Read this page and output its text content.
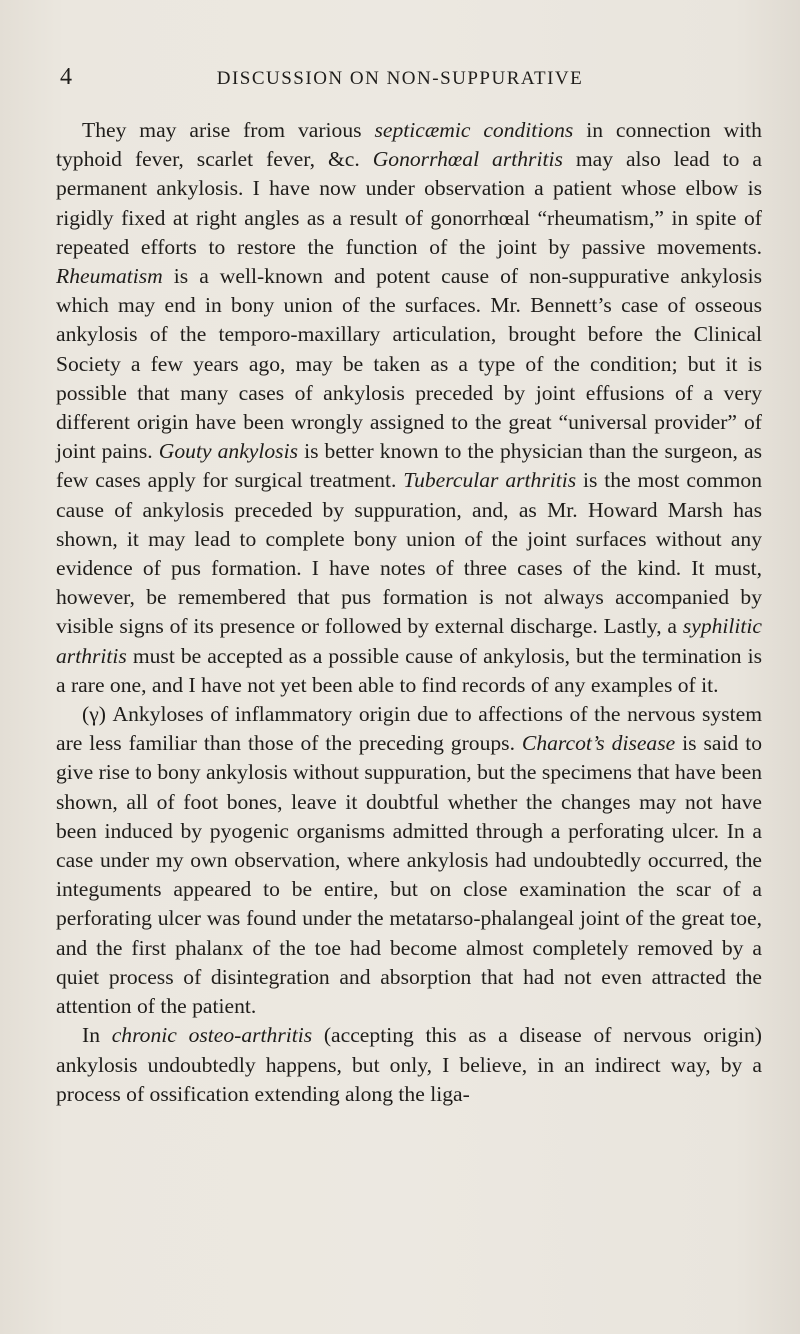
4	DISCUSSION ON NON-SUPPURATIVE

They may arise from various septicæmic conditions in connection with typhoid fever, scarlet fever, &c. Gonorrhœal arthritis may also lead to a permanent ankylosis. I have now under observation a patient whose elbow is rigidly fixed at right angles as a result of gonorrhœal “rheumatism,” in spite of repeated efforts to restore the function of the joint by passive movements. Rheumatism is a well-known and potent cause of non-suppurative ankylosis which may end in bony union of the surfaces. Mr. Bennett’s case of osseous ankylosis of the temporo-maxillary articulation, brought before the Clinical Society a few years ago, may be taken as a type of the condition; but it is possible that many cases of ankylosis preceded by joint effusions of a very different origin have been wrongly assigned to the great “universal provider” of joint pains. Gouty ankylosis is better known to the physician than the surgeon, as few cases apply for surgical treatment. Tubercular arthritis is the most common cause of ankylosis preceded by suppuration, and, as Mr. Howard Marsh has shown, it may lead to complete bony union of the joint surfaces without any evidence of pus formation. I have notes of three cases of the kind. It must, however, be remembered that pus formation is not always accompanied by visible signs of its presence or followed by external discharge. Lastly, a syphilitic arthritis must be accepted as a possible cause of ankylosis, but the termination is a rare one, and I have not yet been able to find records of any examples of it.

(γ) Ankyloses of inflammatory origin due to affections of the nervous system are less familiar than those of the preceding groups. Charcot’s disease is said to give rise to bony ankylosis without suppuration, but the specimens that have been shown, all of foot bones, leave it doubtful whether the changes may not have been induced by pyogenic organisms admitted through a perforating ulcer. In a case under my own observation, where ankylosis had undoubtedly occurred, the integuments appeared to be entire, but on close examination the scar of a perforating ulcer was found under the metatarso-phalangeal joint of the great toe, and the first phalanx of the toe had become almost completely removed by a quiet process of disintegration and absorption that had not even attracted the attention of the patient.

In chronic osteo-arthritis (accepting this as a disease of nervous origin) ankylosis undoubtedly happens, but only, I believe, in an indirect way, by a process of ossification extending along the liga-
